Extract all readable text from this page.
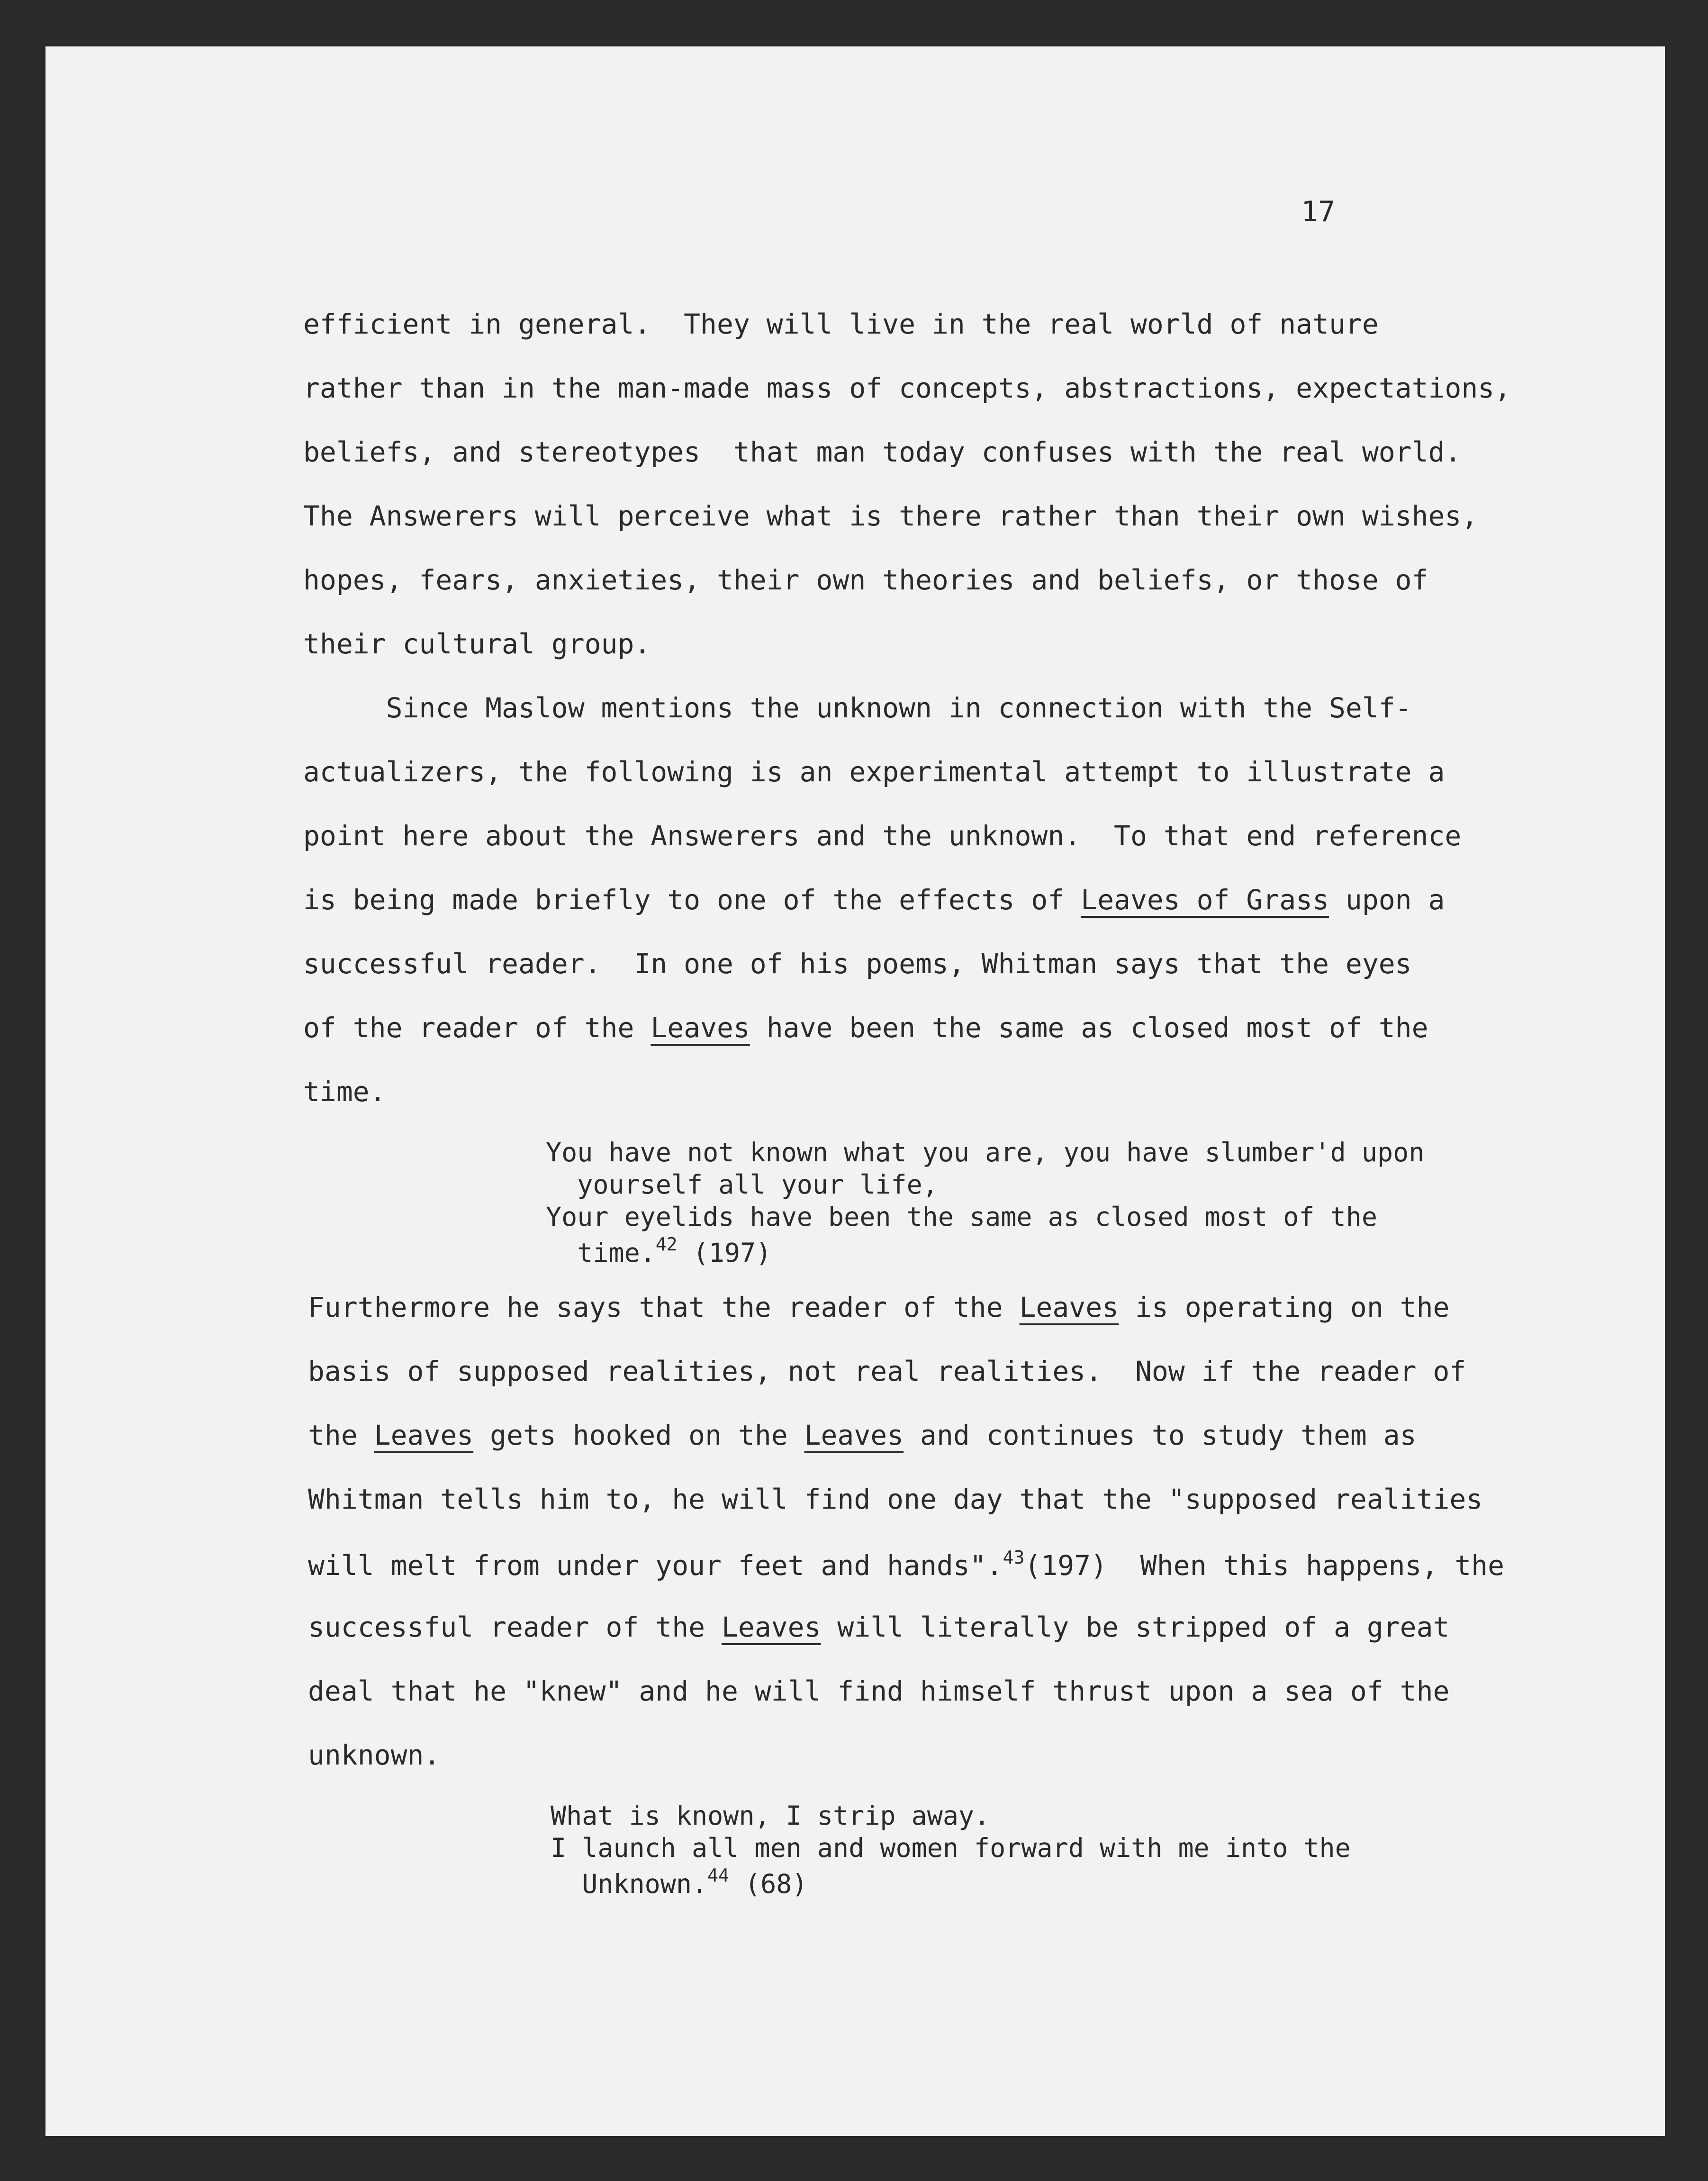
17
efficient in general.  They will live in the real world of nature
rather than in the man-made mass of concepts, abstractions, expectations,
beliefs, and stereotypes  that man today confuses with the real world.
The Answerers will perceive what is there rather than their own wishes,
hopes, fears, anxieties, their own theories and beliefs, or those of
their cultural group.
Since Maslow mentions the unknown in connection with the Self-
actualizers, the following is an experimental attempt to illustrate a
point here about the Answerers and the unknown.  To that end reference
is being made briefly to one of the effects of Leaves of Grass upon a
successful reader.  In one of his poems, Whitman says that the eyes
of the reader of the Leaves have been the same as closed most of the
time.
You have not known what you are, you have slumber'd upon
yourself all your life,
Your eyelids have been the same as closed most of the
time.$^{42}$ (197)
Furthermore he says that the reader of the Leaves is operating on the
basis of supposed realities, not real realities.  Now if the reader of
the Leaves gets hooked on the Leaves and continues to study them as
Whitman tells him to, he will find one day that the "supposed realities
will melt from under your feet and hands".$^{43}$(197)  When this happens, the
successful reader of the Leaves will literally be stripped of a great
deal that he "knew" and he will find himself thrust upon a sea of the
unknown.
What is known, I strip away.
I launch all men and women forward with me into the
Unknown.$^{44}$ (68)
